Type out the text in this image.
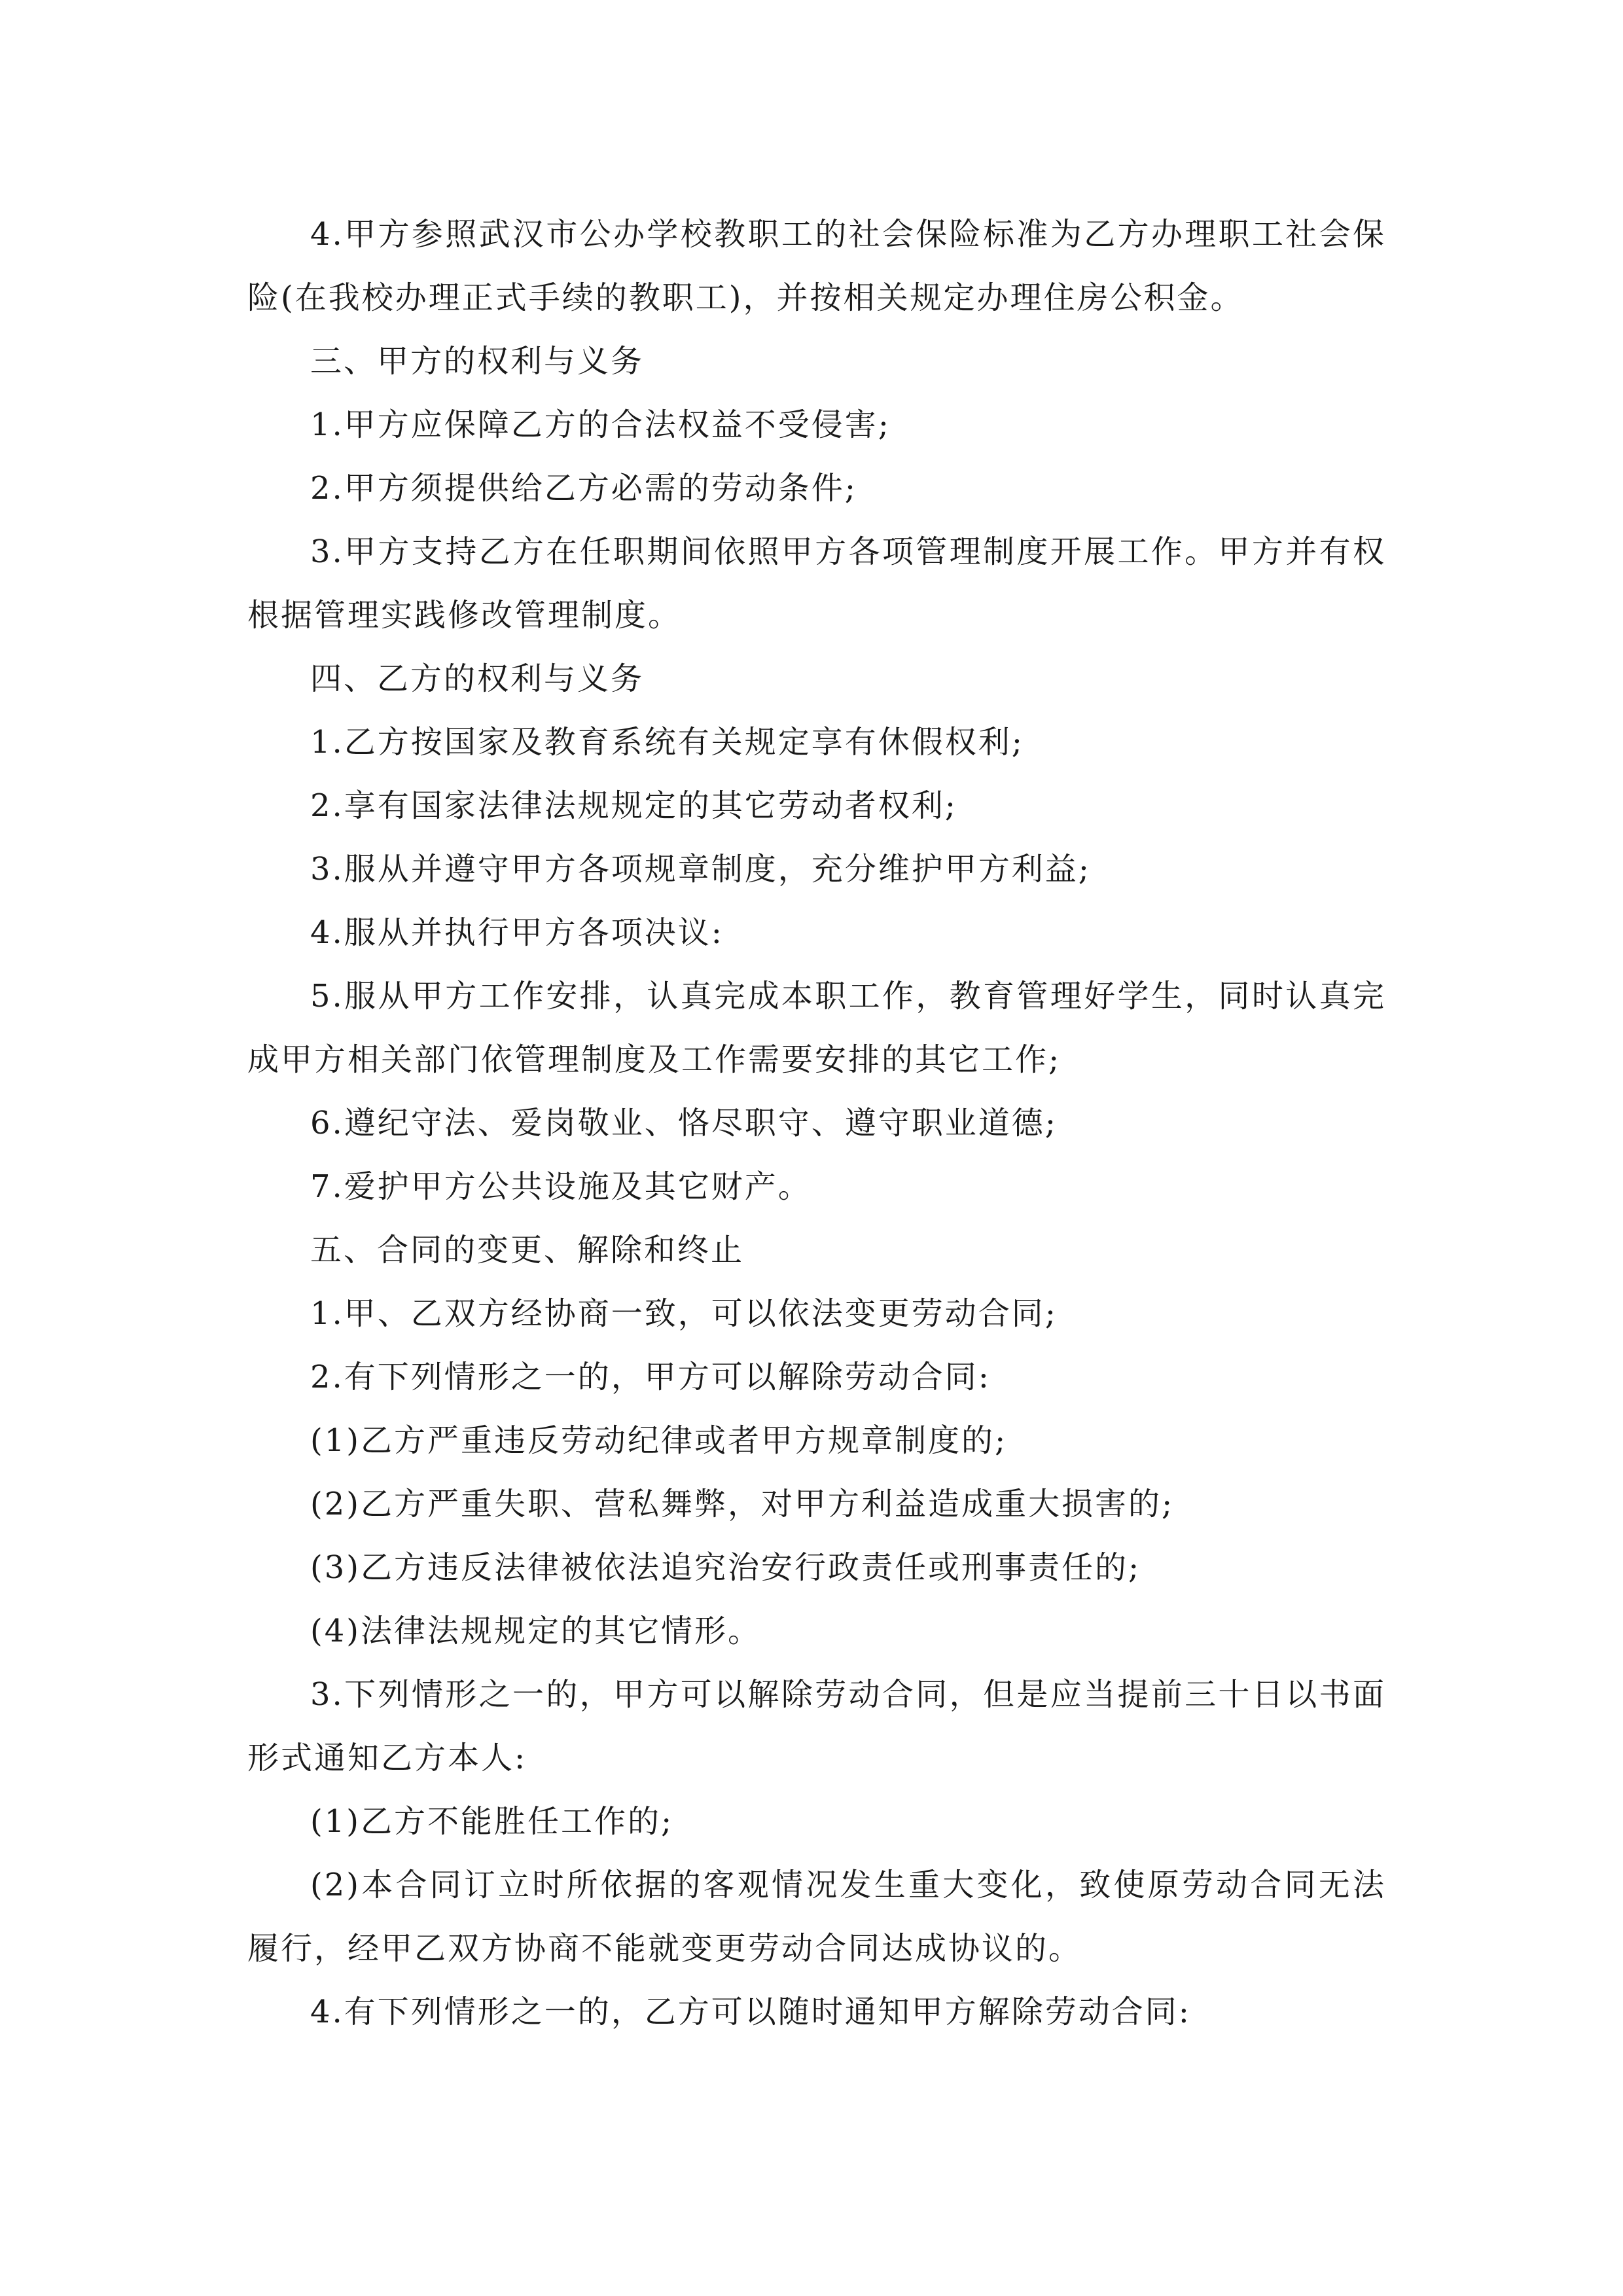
4.甲方参照武汉市公办学校教职工的社会保险标准为乙方办理职工社会保险(在我校办理正式手续的教职工)，并按相关规定办理住房公积金。

三、甲方的权利与义务

1.甲方应保障乙方的合法权益不受侵害;

2.甲方须提供给乙方必需的劳动条件;

3.甲方支持乙方在任职期间依照甲方各项管理制度开展工作。甲方并有权根据管理实践修改管理制度。

四、乙方的权利与义务

1.乙方按国家及教育系统有关规定享有休假权利;

2.享有国家法律法规规定的其它劳动者权利;

3.服从并遵守甲方各项规章制度，充分维护甲方利益;

4.服从并执行甲方各项决议:

5.服从甲方工作安排，认真完成本职工作，教育管理好学生，同时认真完成甲方相关部门依管理制度及工作需要安排的其它工作;

6.遵纪守法、爱岗敬业、恪尽职守、遵守职业道德;

7.爱护甲方公共设施及其它财产。

五、合同的变更、解除和终止

1.甲、乙双方经协商一致，可以依法变更劳动合同;

2.有下列情形之一的，甲方可以解除劳动合同:

(1)乙方严重违反劳动纪律或者甲方规章制度的;

(2)乙方严重失职、营私舞弊，对甲方利益造成重大损害的;

(3)乙方违反法律被依法追究治安行政责任或刑事责任的;

(4)法律法规规定的其它情形。

3.下列情形之一的，甲方可以解除劳动合同，但是应当提前三十日以书面形式通知乙方本人:

(1)乙方不能胜任工作的;

(2)本合同订立时所依据的客观情况发生重大变化，致使原劳动合同无法履行，经甲乙双方协商不能就变更劳动合同达成协议的。

4.有下列情形之一的，乙方可以随时通知甲方解除劳动合同:
